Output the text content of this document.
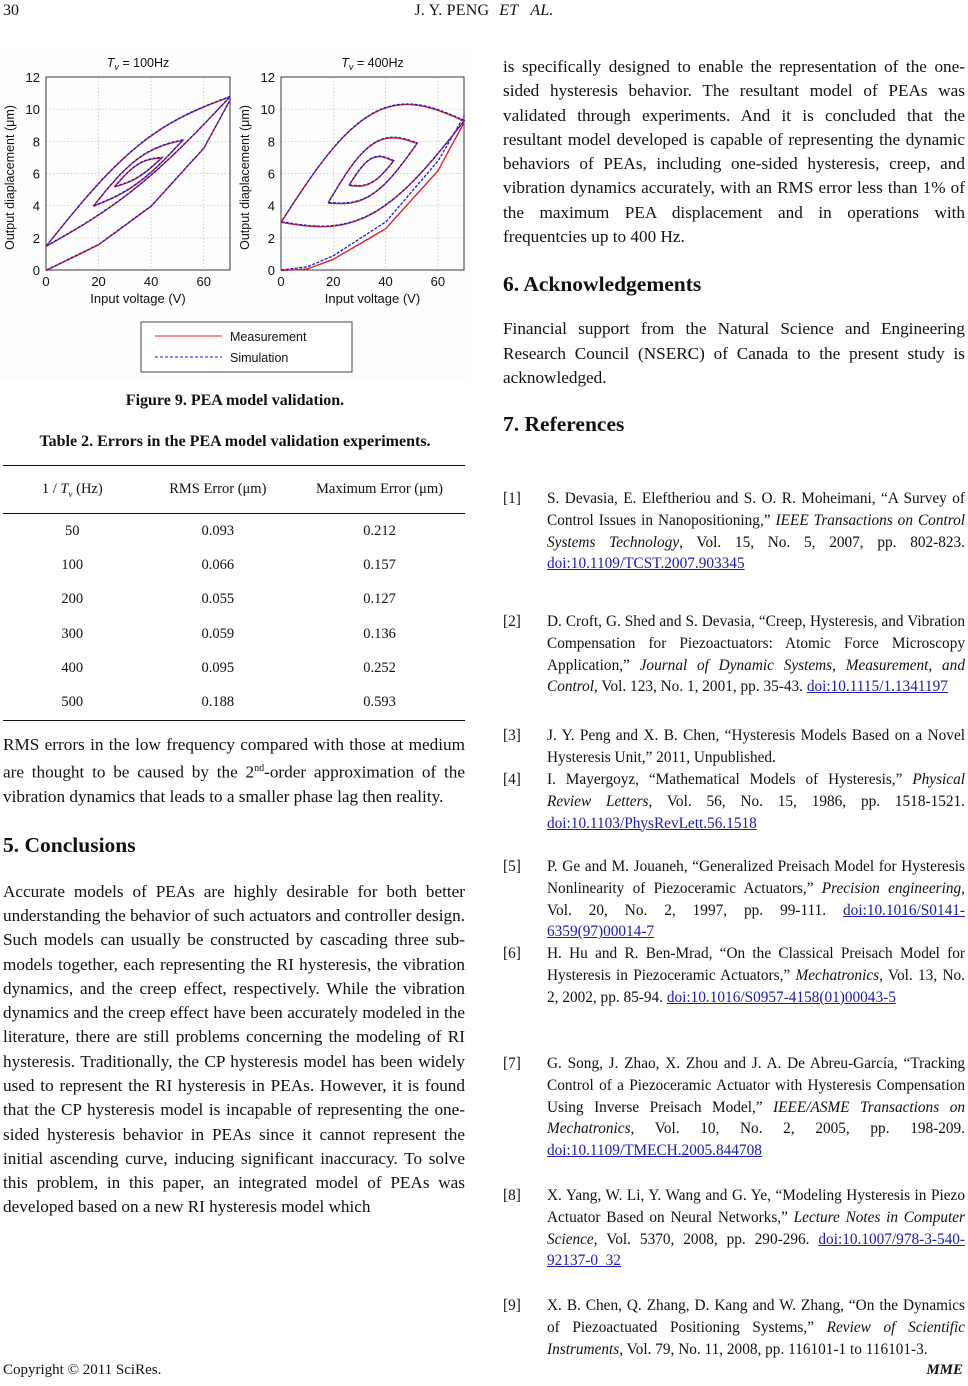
30	J. Y. PENG ET AL.
0	20	40	60
0
2
4
6
8
10
12
Input voltage (V)
Output diaplacement (μm)
$T_v = 100Hz$
0	20	40	60
0
2
4
6
8
10
12
Input voltage (V)
Output diaplacement (μm)
$T_v = 400Hz$
Measurement
Simulation
Figure 9. PEA model validation.
Table 2. Errors in the PEA model validation experiments.
$1 / T_v$ (Hz)	RMS Error (μm)	Maximum Error (μm)
50	0.093	0.212
100	0.066	0.157
200	0.055	0.127
300	0.059	0.136
400	0.095	0.252
500	0.188	0.593

RMS errors in the low frequency compared with those at medium are thought to be caused by the 2nd-order approximation of the vibration dynamics that leads to a smaller phase lag then reality.

5. Conclusions

Accurate models of PEAs are highly desirable for both better understanding the behavior of such actuators and controller design. Such models can usually be constructed by cascading three sub-models together, each representing the RI hysteresis, the vibration dynamics, and the creep effect, respectively. While the vibration dynamics and the creep effect have been accurately modeled in the literature, there are still problems concerning the modeling of RI hysteresis. Traditionally, the CP hysteresis model has been widely used to represent the RI hysteresis in PEAs. However, it is found that the CP hysteresis model is incapable of representing the one-sided hysteresis behavior in PEAs since it cannot represent the initial ascending curve, inducing significant inaccuracy. To solve this problem, in this paper, an integrated model of PEAs was developed based on a new RI hysteresis model which

is specifically designed to enable the representation of the one-sided hysteresis behavior. The resultant model of PEAs was validated through experiments. And it is concluded that the resultant model developed is capable of representing the dynamic behaviors of PEAs, including one-sided hysteresis, creep, and vibration dynamics accurately, with an RMS error less than 1% of the maximum PEA displacement and in operations with frequentcies up to 400 Hz.

6. Acknowledgements

Financial support from the Natural Science and Engineering Research Council (NSERC) of Canada to the present study is acknowledged.

7. References
[1] S. Devasia, E. Eleftheriou and S. O. R. Moheimani, “A Survey of Control Issues in Nanopositioning,” IEEE Transactions on Control Systems Technology, Vol. 15, No. 5, 2007, pp. 802-823. doi:10.1109/TCST.2007.903345
[2] D. Croft, G. Shed and S. Devasia, “Creep, Hysteresis, and Vibration Compensation for Piezoactuators: Atomic Force Microscopy Application,” Journal of Dynamic Systems, Measurement, and Control, Vol. 123, No. 1, 2001, pp. 35-43. doi:10.1115/1.1341197
[3] J. Y. Peng and X. B. Chen, “Hysteresis Models Based on a Novel Hysteresis Unit,” 2011, Unpublished.
[4] I. Mayergoyz, “Mathematical Models of Hysteresis,” Physical Review Letters, Vol. 56, No. 15, 1986, pp. 1518-1521. doi:10.1103/PhysRevLett.56.1518
[5] P. Ge and M. Jouaneh, “Generalized Preisach Model for Hysteresis Nonlinearity of Piezoceramic Actuators,” Precision engineering, Vol. 20, No. 2, 1997, pp. 99-111. doi:10.1016/S0141-6359(97)00014-7
[6] H. Hu and R. Ben-Mrad, “On the Classical Preisach Model for Hysteresis in Piezoceramic Actuators,” Mechatronics, Vol. 13, No. 2, 2002, pp. 85-94. doi:10.1016/S0957-4158(01)00043-5
[7] G. Song, J. Zhao, X. Zhou and J. A. De Abreu-García, “Tracking Control of a Piezoceramic Actuator with Hysteresis Compensation Using Inverse Preisach Model,” IEEE/ASME Transactions on Mechatronics, Vol. 10, No. 2, 2005, pp. 198-209. doi:10.1109/TMECH.2005.844708
[8] X. Yang, W. Li, Y. Wang and G. Ye, “Modeling Hysteresis in Piezo Actuator Based on Neural Networks,” Lecture Notes in Computer Science, Vol. 5370, 2008, pp. 290-296. doi:10.1007/978-3-540-92137-0_32
[9] X. B. Chen, Q. Zhang, D. Kang and W. Zhang, “On the Dynamics of Piezoactuated Positioning Systems,” Review of Scientific Instruments, Vol. 79, No. 11, 2008, pp. 116101-1 to 116101-3.
Copyright © 2011 SciRes.	MME
